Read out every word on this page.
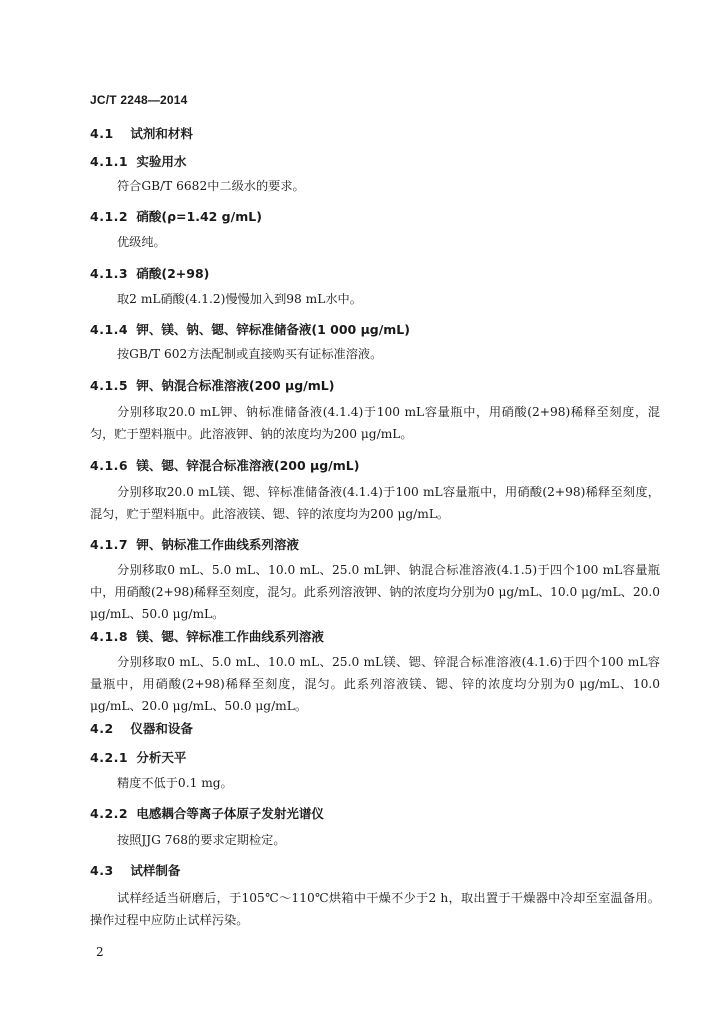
JC/T 2248—2014
4.1 试剂和材料
4.1.1 实验用水
符合GB/T 6682中二级水的要求。
4.1.2 硝酸(ρ=1.42 g/mL)
优级纯。
4.1.3 硝酸(2+98)
取2 mL硝酸(4.1.2)慢慢加入到98 mL水中。
4.1.4 钾、镁、钠、锶、锌标准储备液(1 000 μg/mL)
按GB/T 602方法配制或直接购买有证标准溶液。
4.1.5 钾、钠混合标准溶液(200 μg/mL)
分别移取20.0 mL钾、钠标准储备液(4.1.4)于100 mL容量瓶中，用硝酸(2+98)稀释至刻度，混匀，贮于塑料瓶中。此溶液钾、钠的浓度均为200 μg/mL。
4.1.6 镁、锶、锌混合标准溶液(200 μg/mL)
分别移取20.0 mL镁、锶、锌标准储备液(4.1.4)于100 mL容量瓶中，用硝酸(2+98)稀释至刻度，混匀，贮于塑料瓶中。此溶液镁、锶、锌的浓度均为200 μg/mL。
4.1.7 钾、钠标准工作曲线系列溶液
分别移取0 mL、5.0 mL、10.0 mL、25.0 mL钾、钠混合标准溶液(4.1.5)于四个100 mL容量瓶中，用硝酸(2+98)稀释至刻度，混匀。此系列溶液钾、钠的浓度均分别为0 μg/mL、10.0 μg/mL、20.0 μg/mL、50.0 μg/mL。
4.1.8 镁、锶、锌标准工作曲线系列溶液
分别移取0 mL、5.0 mL、10.0 mL、25.0 mL镁、锶、锌混合标准溶液(4.1.6)于四个100 mL容量瓶中，用硝酸(2+98)稀释至刻度，混匀。此系列溶液镁、锶、锌的浓度均分别为0 μg/mL、10.0 μg/mL、20.0 μg/mL、50.0 μg/mL。
4.2 仪器和设备
4.2.1 分析天平
精度不低于0.1 mg。
4.2.2 电感耦合等离子体原子发射光谱仪
按照JJG 768的要求定期检定。
4.3 试样制备
试样经适当研磨后，于105℃～110℃烘箱中干燥不少于2 h，取出置于干燥器中冷却至室温备用。操作过程中应防止试样污染。
2
